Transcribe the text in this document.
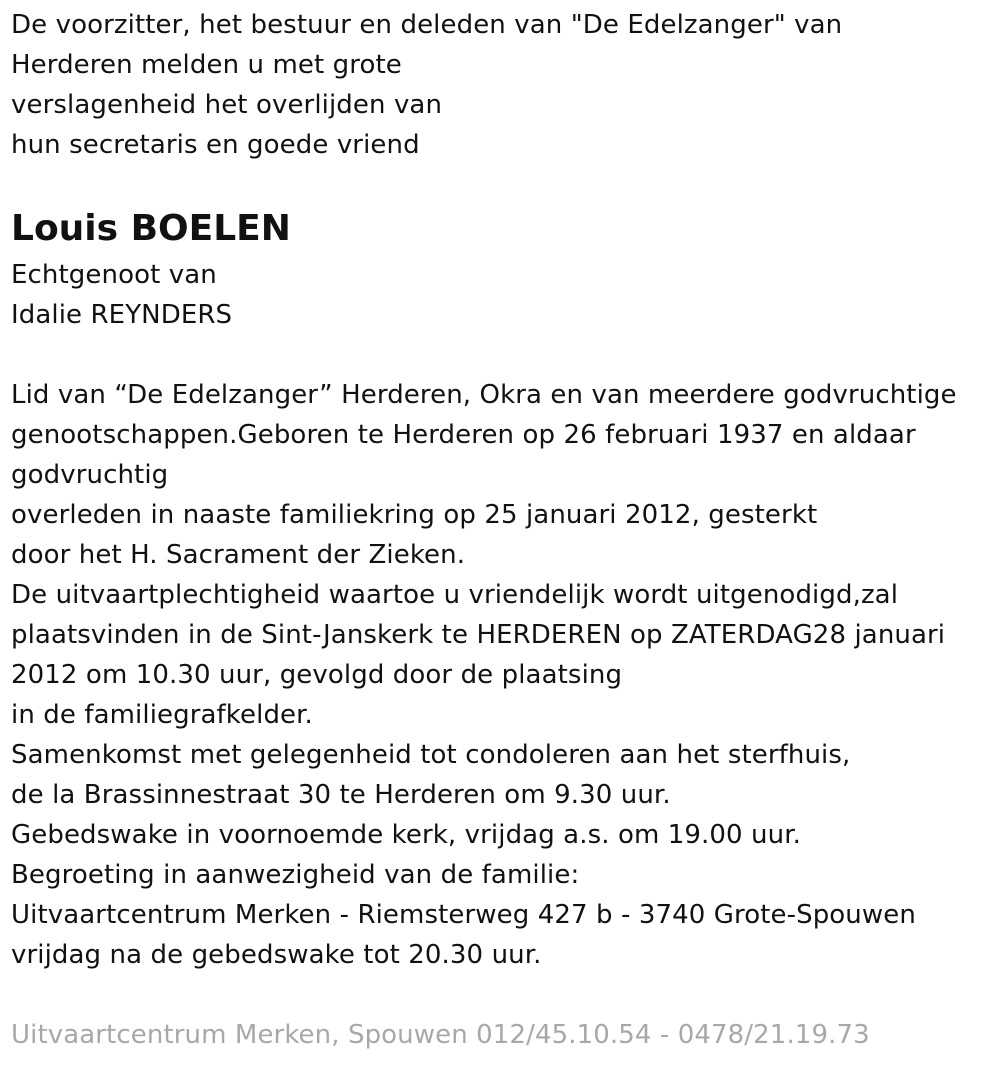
De voorzitter, het bestuur en deleden van "De Edelzanger" van
Herderen melden u met grote
verslagenheid het overlijden van
hun secretaris en goede vriend
Louis BOELEN
Echtgenoot van
Idalie REYNDERS
Lid van “De Edelzanger” Herderen, Okra en van meerdere godvruchtige
genootschappen.Geboren te Herderen op 26 februari 1937 en aldaar
godvruchtig
overleden in naaste familiekring op 25 januari 2012, gesterkt
door het H. Sacrament der Zieken.
De uitvaartplechtigheid waartoe u vriendelijk wordt uitgenodigd,zal
plaatsvinden in de Sint-Janskerk te HERDEREN op ZATERDAG28 januari
2012 om 10.30 uur, gevolgd door de plaatsing
in de familiegrafkelder.
Samenkomst met gelegenheid tot condoleren aan het sterfhuis,
de la Brassinnestraat 30 te Herderen om 9.30 uur.
Gebedswake in voornoemde kerk, vrijdag a.s. om 19.00 uur.
Begroeting in aanwezigheid van de familie:
Uitvaartcentrum Merken - Riemsterweg 427 b - 3740 Grote-Spouwen
vrijdag na de gebedswake tot 20.30 uur.
Uitvaartcentrum Merken, Spouwen 012/45.10.54 - 0478/21.19.73
